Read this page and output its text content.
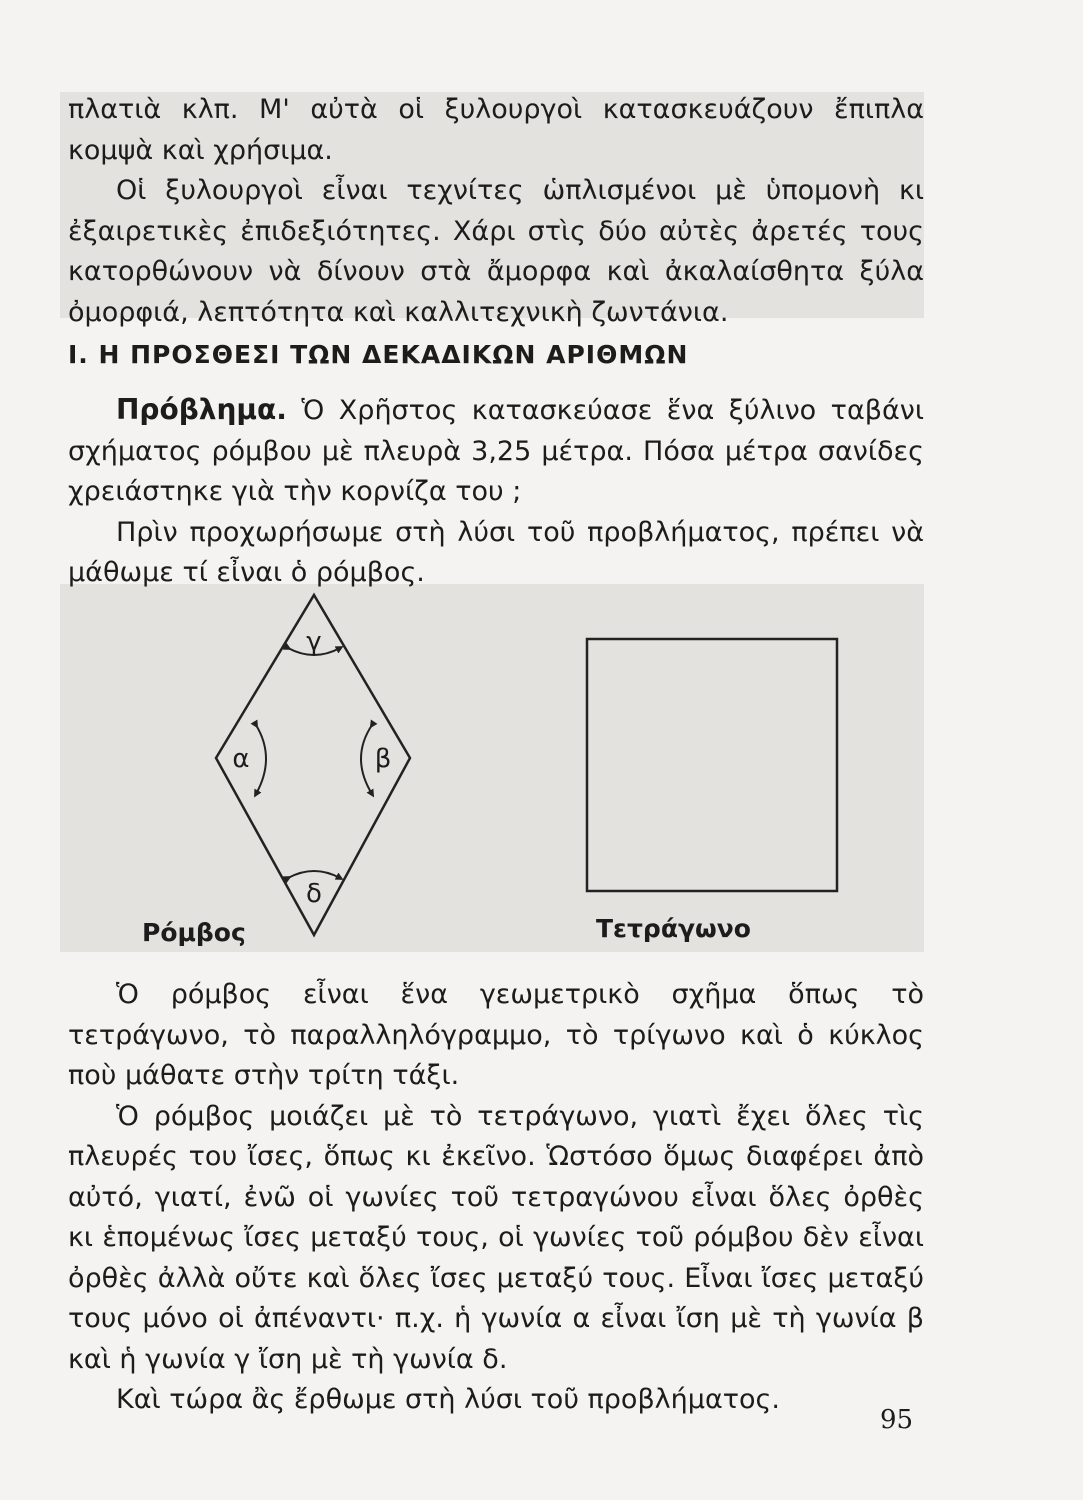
πλατιὰ κλπ. Μ' αὐτὰ οἱ ξυλουργοὶ κατασκευάζουν ἔπιπλα κομψὰ καὶ χρήσιμα.

Οἱ ξυλουργοὶ εἶναι τεχνίτες ὡπλισμένοι μὲ ὑπομονὴ κι ἐξαιρετικὲς ἐπιδεξιότητες. Χάρι στὶς δύο αὐτὲς ἀρετές τους κατορθώνουν νὰ δίνουν στὰ ἄμορφα καὶ ἀκαλαίσθητα ξύλα ὀμορφιά, λεπτότητα καὶ καλλιτεχνικὴ ζωντάνια.

Ι. Η ΠΡΟΣΘΕΣΙ ΤΩΝ ΔΕΚΑΔΙΚΩΝ ΑΡΙΘΜΩΝ

Πρόβλημα. Ὁ Χρῆστος κατασκεύασε ἕνα ξύλινο ταβάνι σχήματος ρόμβου μὲ πλευρὰ 3,25 μέτρα. Πόσα μέτρα σανίδες χρειάστηκε γιὰ τὴν κορνίζα του ;

Πρὶν προχωρήσωμε στὴ λύσι τοῦ προβλήματος, πρέπει νὰ μάθωμε τί εἶναι ὁ ρόμβος.

γ
α	β
δ
Ρόμβος	Τετράγωνο

Ὁ ρόμβος εἶναι ἕνα γεωμετρικὸ σχῆμα ὅπως τὸ τετράγωνο, τὸ παραλληλόγραμμο, τὸ τρίγωνο καὶ ὁ κύκλος ποὺ μάθατε στὴν τρίτη τάξι.

Ὁ ρόμβος μοιάζει μὲ τὸ τετράγωνο, γιατὶ ἔχει ὅλες τὶς πλευρές του ἴσες, ὅπως κι ἐκεῖνο. Ὡστόσο ὅμως διαφέρει ἀπὸ αὐτό, γιατί, ἐνῶ οἱ γωνίες τοῦ τετραγώνου εἶναι ὅλες ὀρθὲς κι ἑπομένως ἴσες μεταξύ τους, οἱ γωνίες τοῦ ρόμβου δὲν εἶναι ὀρθὲς ἀλλὰ οὔτε καὶ ὅλες ἴσες μεταξύ τους. Εἶναι ἴσες μεταξύ τους μόνο οἱ ἀπέναντι· π.χ. ἡ γωνία α εἶναι ἴση μὲ τὴ γωνία β καὶ ἡ γωνία γ ἴση μὲ τὴ γωνία δ.

Καὶ τώρα ἂς ἔρθωμε στὴ λύσι τοῦ προβλήματος.

95
